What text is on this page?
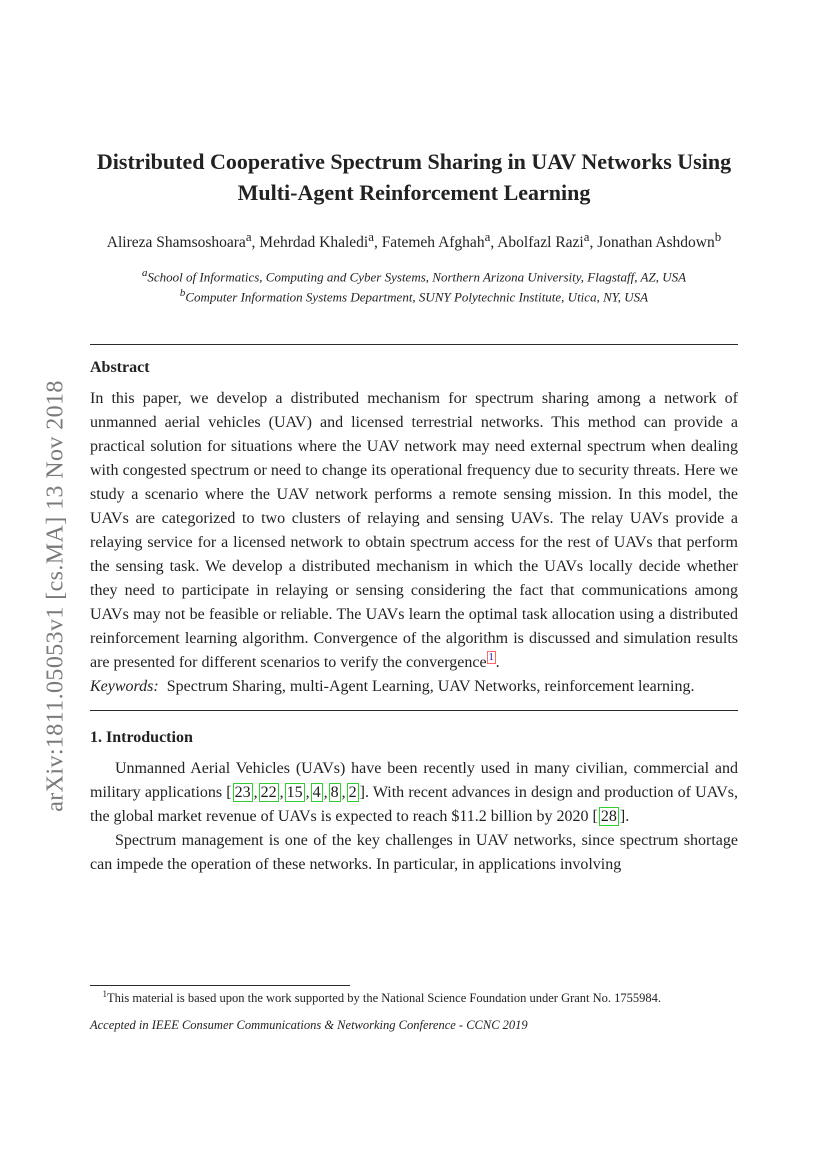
arXiv:1811.05053v1 [cs.MA] 13 Nov 2018
Distributed Cooperative Spectrum Sharing in UAV Networks Using
Multi-Agent Reinforcement Learning
Alireza Shamsoshoara$^a$, Mehrdad Khaledi$^a$, Fatemeh Afghah$^a$, Abolfazl Razi$^a$, Jonathan Ashdown$^b$
$^a$School of Informatics, Computing and Cyber Systems, Northern Arizona University, Flagstaff, AZ, USA
$^b$Computer Information Systems Department, SUNY Polytechnic Institute, Utica, NY, USA
Abstract

In this paper, we develop a distributed mechanism for spectrum sharing among a network of unmanned aerial vehicles (UAV) and licensed terrestrial networks. This method can provide a practical solution for situations where the UAV network may need external spectrum when dealing with congested spectrum or need to change its operational frequency due to security threats. Here we study a scenario where the UAV network performs a remote sensing mission. In this model, the UAVs are categorized to two clusters of relaying and sensing UAVs. The relay UAVs provide a relaying service for a licensed network to obtain spectrum access for the rest of UAVs that perform the sensing task. We develop a distributed mechanism in which the UAVs locally decide whether they need to participate in relaying or sensing considering the fact that communications among UAVs may not be feasible or reliable. The UAVs learn the optimal task allocation using a distributed reinforcement learning algorithm. Convergence of the algorithm is discussed and simulation results are presented for different scenarios to verify the convergence $^1$ .

Keywords: Spectrum Sharing, multi-Agent Learning, UAV Networks, reinforcement learning.

1. Introduction

Unmanned Aerial Vehicles (UAVs) have been recently used in many civilian, commercial and military applications [ 23 , 22 , 15 , 4 , 8 , 2 ]. With recent advances in design and production of UAVs, the global market revenue of UAVs is expected to reach $11.2 billion by 2020 [ 28 ].

Spectrum management is one of the key challenges in UAV networks, since spectrum shortage can impede the operation of these networks. In particular, in applications involving

$^1$This material is based upon the work supported by the National Science Foundation under Grant No. 1755984.
Accepted in IEEE Consumer Communications & Networking Conference - CCNC 2019
